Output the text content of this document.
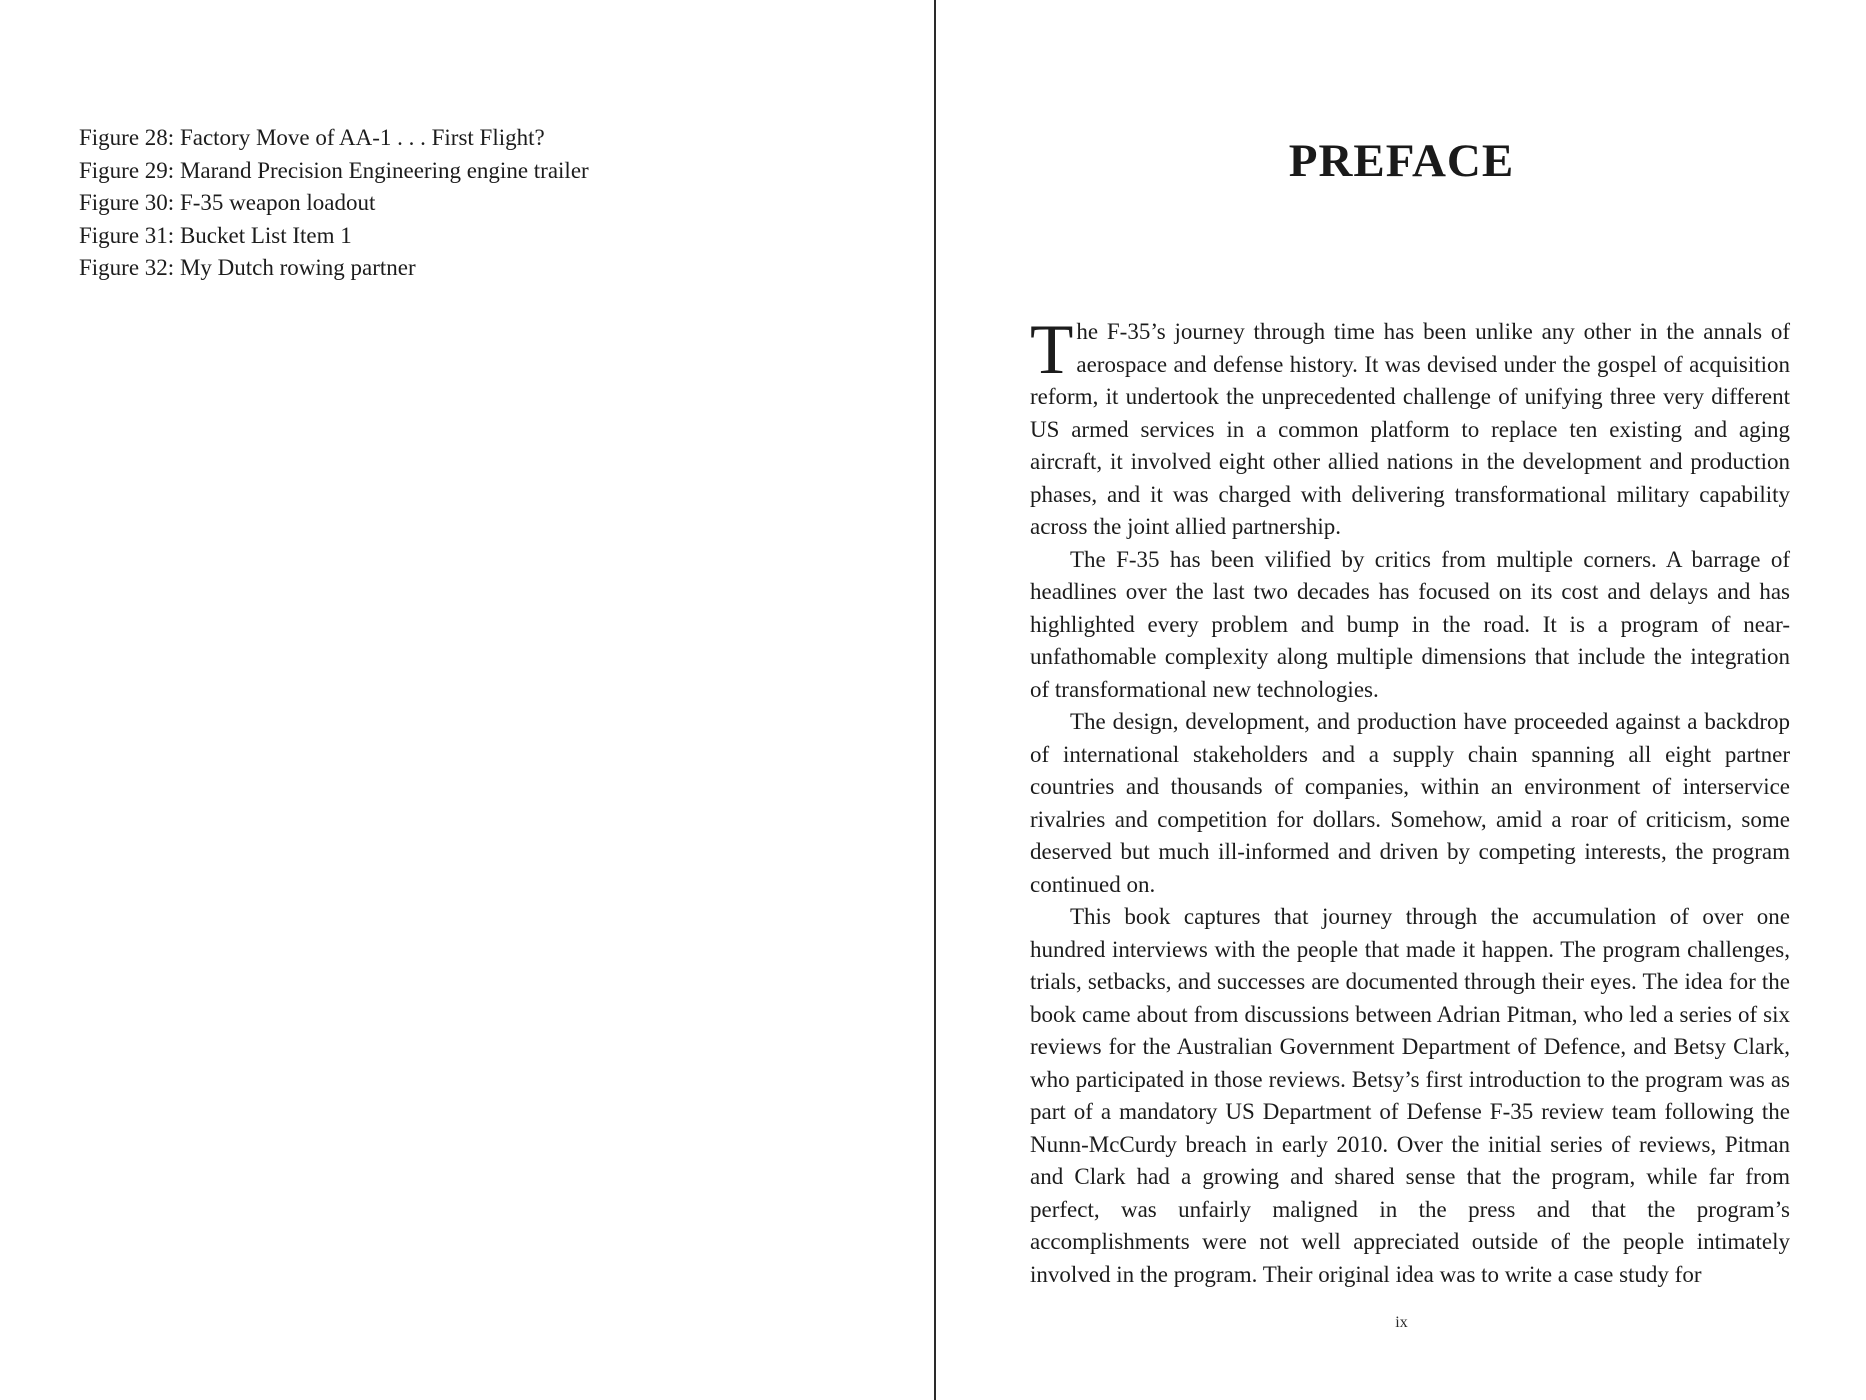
Figure 28: Factory Move of AA-1 . . . First Flight?
Figure 29: Marand Precision Engineering engine trailer
Figure 30: F-35 weapon loadout
Figure 31: Bucket List Item 1
Figure 32: My Dutch rowing partner
PREFACE

The F-35’s journey through time has been unlike any other in the annals of aerospace and defense history. It was devised under the gospel of acquisition reform, it undertook the unprecedented challenge of unifying three very different US armed services in a common platform to replace ten existing and aging aircraft, it involved eight other allied nations in the development and production phases, and it was charged with delivering transformational military capability across the joint allied partnership.

The F-35 has been vilified by critics from multiple corners. A barrage of headlines over the last two decades has focused on its cost and delays and has highlighted every problem and bump in the road. It is a program of near-unfathomable complexity along multiple dimensions that include the integration of transformational new technologies.

The design, development, and production have proceeded against a backdrop of international stakeholders and a supply chain spanning all eight partner countries and thousands of companies, within an environment of interservice rivalries and competition for dollars. Somehow, amid a roar of criticism, some deserved but much ill-informed and driven by competing interests, the program continued on.

This book captures that journey through the accumulation of over one hundred interviews with the people that made it happen. The program challenges, trials, setbacks, and successes are documented through their eyes. The idea for the book came about from discussions between Adrian Pitman, who led a series of six reviews for the Australian Government Department of Defence, and Betsy Clark, who participated in those reviews. Betsy’s first introduction to the program was as part of a mandatory US Department of Defense F-35 review team following the Nunn-McCurdy breach in early 2010. Over the initial series of reviews, Pitman and Clark had a growing and shared sense that the program, while far from perfect, was unfairly maligned in the press and that the program’s accomplishments were not well appreciated outside of the people intimately involved in the program. Their original idea was to write a case study for

ix
